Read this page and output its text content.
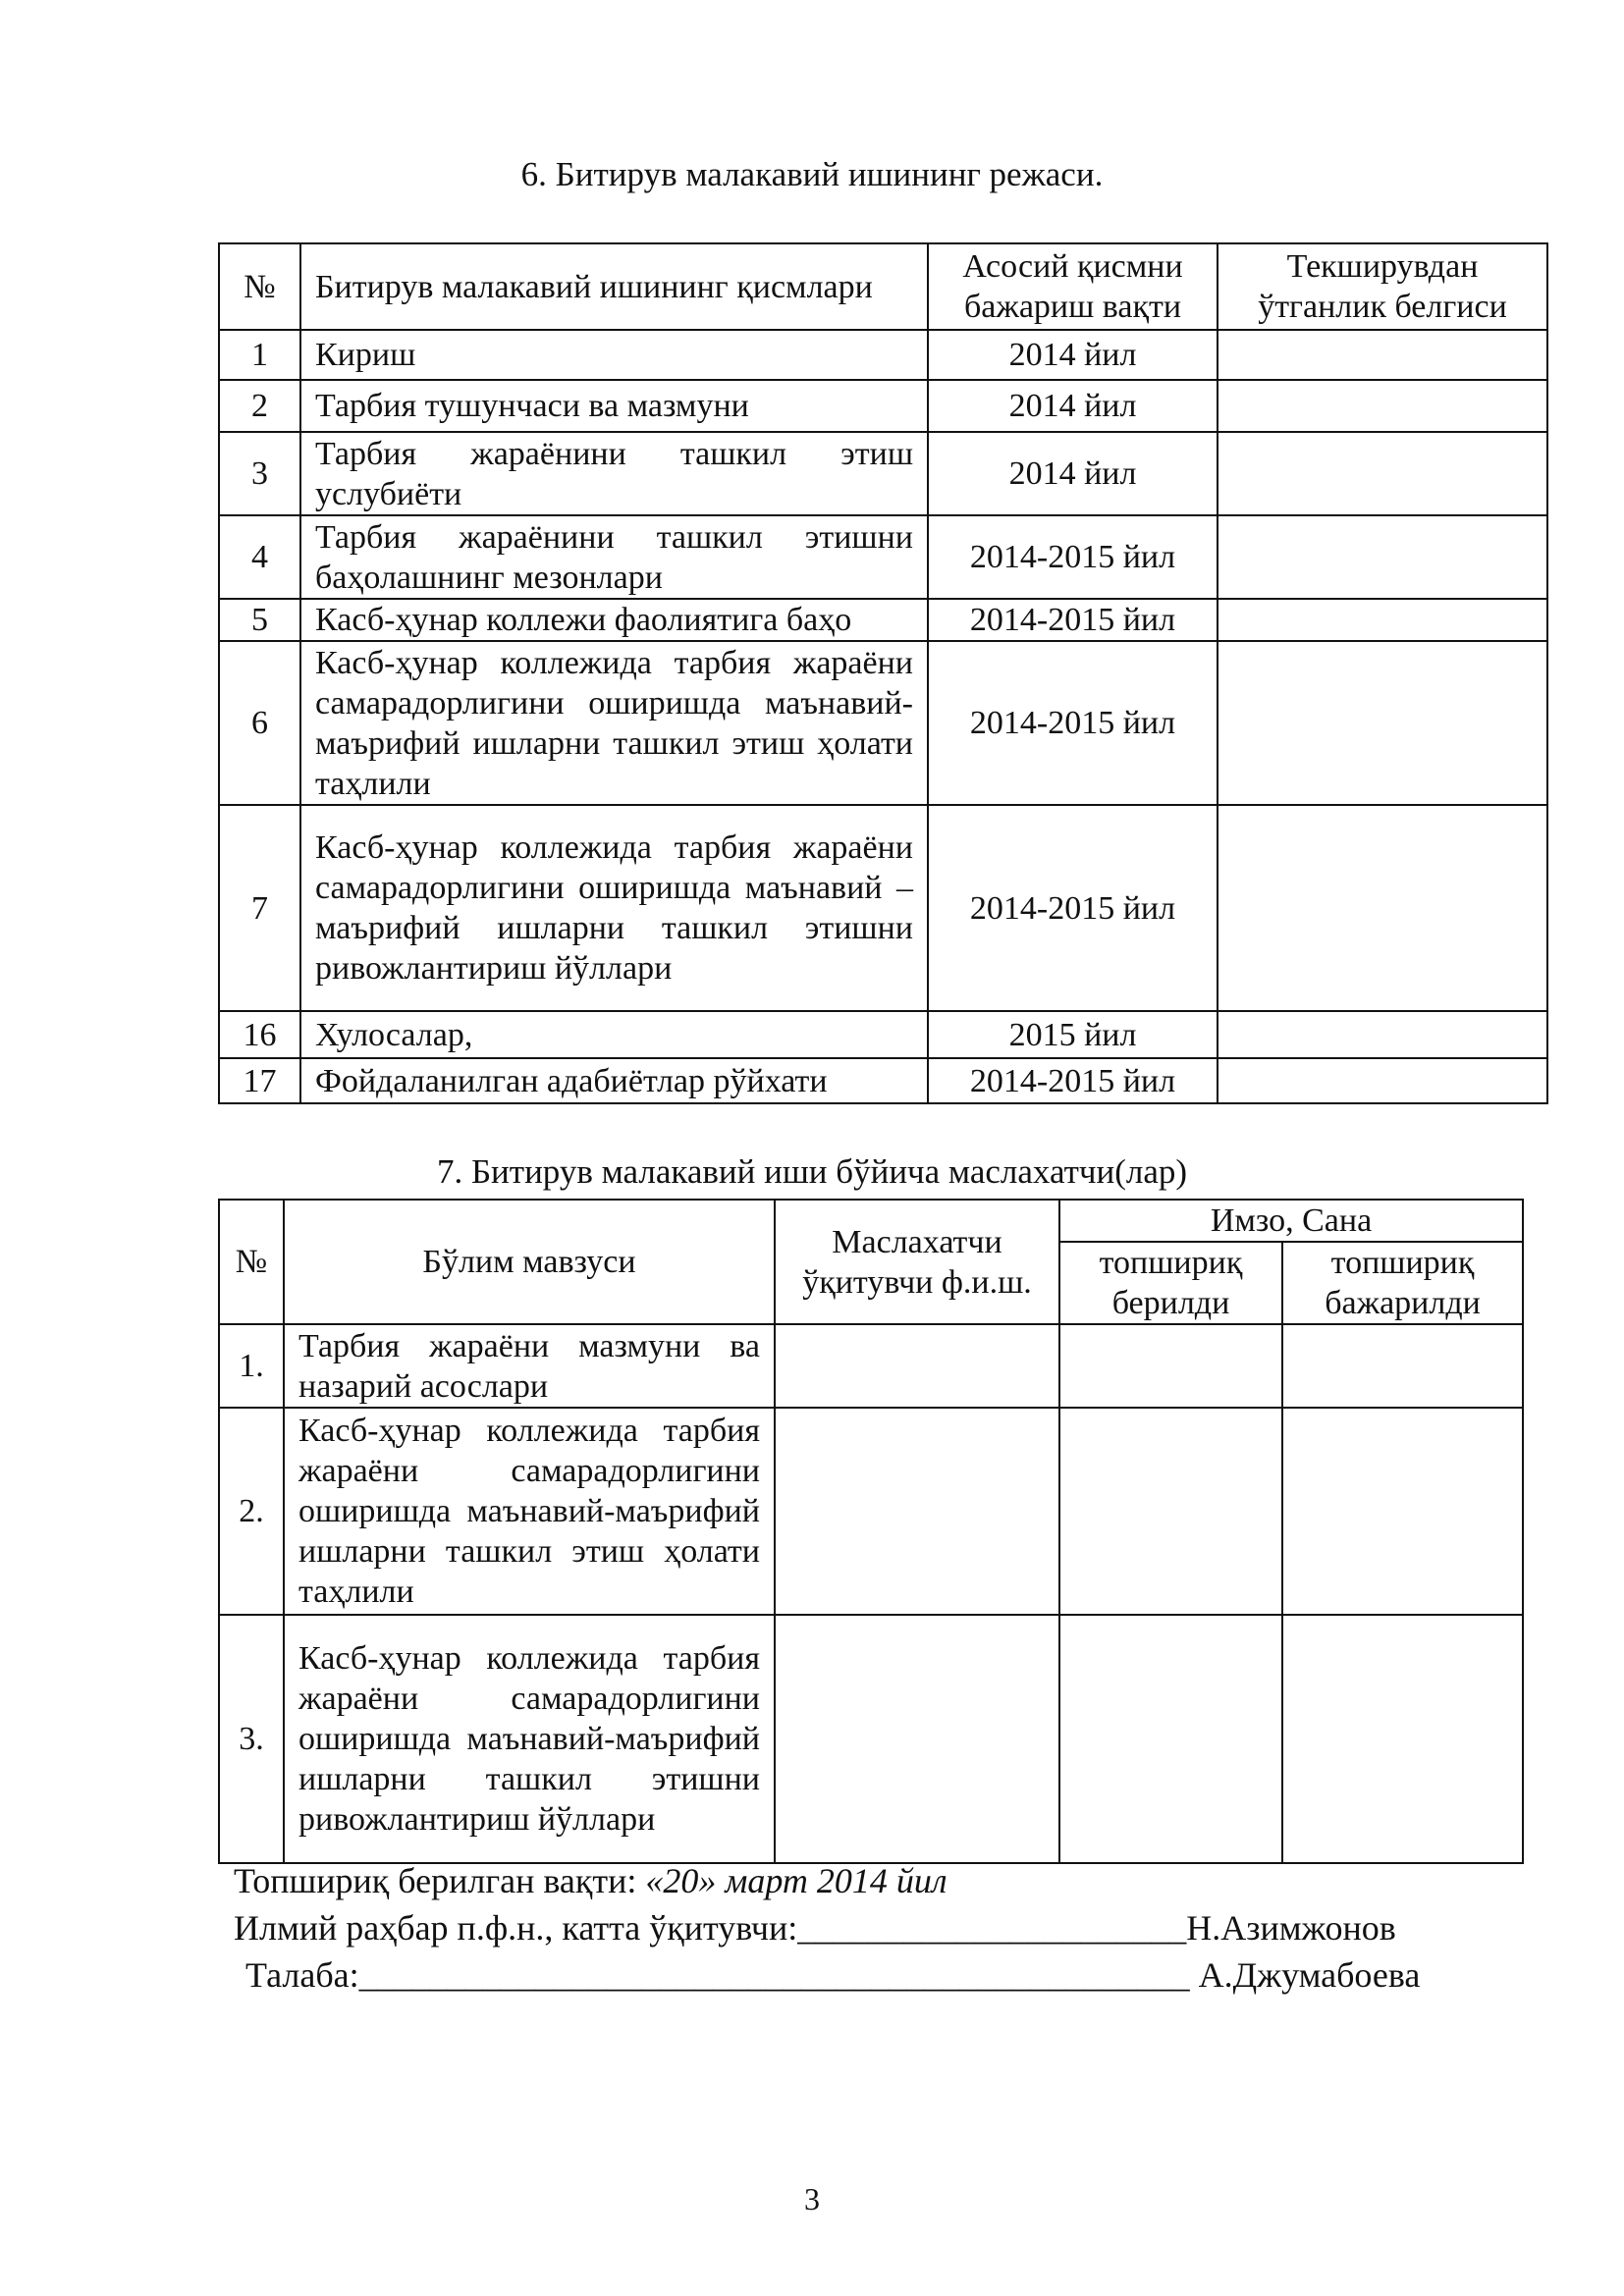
6. Битирув малакавий ишининг режаси.
№	Битирув малакавий ишининг қисмлари	Асосий қисмни бажариш вақти	Текширувдан ўтганлик белгиси
1	Кириш	2014 йил	
2	Тарбия тушунчаси ва мазмуни	2014 йил	
3	Тарбия жараёнини ташкил этиш услубиёти	2014 йил	
4	Тарбия жараёнини ташкил этишни баҳолашнинг мезонлари	2014-2015 йил	
5	Касб-ҳунар коллежи фаолиятига баҳо	2014-2015 йил	
6	Касб-ҳунар коллежида тарбия жараёни самарадорлигини оширишда маънавий-маърифий ишларни ташкил этиш ҳолати таҳлили	2014-2015 йил	
7	Касб-ҳунар коллежида тарбия жараёни самарадорлигини оширишда маънавий – маърифий ишларни ташкил этишни ривожлантириш йўллари	2014-2015 йил	
16	Хулосалар,	2015 йил	
17	Фойдаланилган адабиётлар рўйхати	2014-2015 йил	
7. Битирув малакавий иши бўйича маслахатчи(лар)
№	Бўлим мавзуси	Маслахатчи ўқитувчи ф.и.ш.	Имзо, Сана	
			топшириқ берилди	топшириқ бажарилди
1.	Тарбия жараёни мазмуни ва назарий асослари			
2.	Касб-ҳунар коллежида тарбия жараёни самарадорлигини оширишда маънавий-маърифий ишларни ташкил этиш ҳолати таҳлили			
3.	Касб-ҳунар коллежида тарбия жараёни самарадорлигини оширишда маънавий-маърифий ишларни ташкил этишни ривожлантириш йўллари			
Топшириқ берилган вақти: «20» март 2014 йил
Илмий раҳбар п.ф.н., катта ўқитувчи:______________________Н.Азимжонов
Талаба:_______________________________________________ А.Джумабоева
3
